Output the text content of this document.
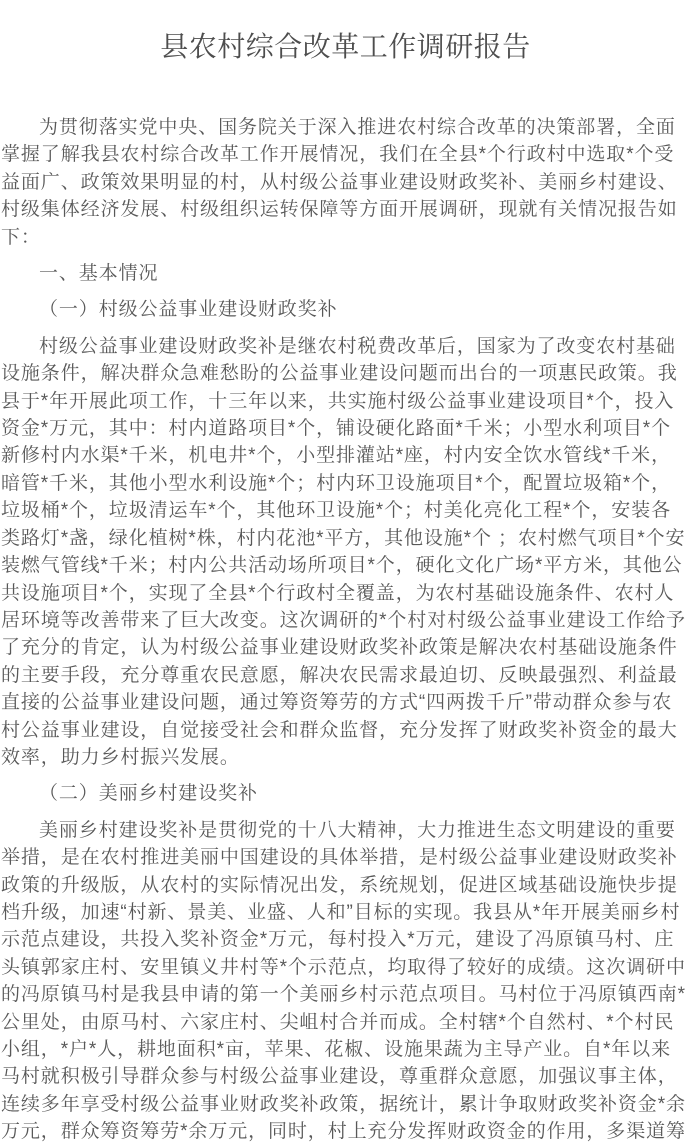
县农村综合改革工作调研报告

为贯彻落实党中央、国务院关于深入推进农村综合改革的决策部署，全面掌握了解我县农村综合改革工作开展情况，我们在全县*个行政村中选取*个受益面广、政策效果明显的村，从村级公益事业建设财政奖补、美丽乡村建设、村级集体经济发展、村级组织运转保障等方面开展调研，现就有关情况报告如下：

一、基本情况
（一）村级公益事业建设财政奖补

村级公益事业建设财政奖补是继农村税费改革后，国家为了改变农村基础设施条件，解决群众急难愁盼的公益事业建设问题而出台的一项惠民政策。我县于*年开展此项工作，十三年以来，共实施村级公益事业建设项目*个，投入资金*万元，其中：村内道路项目*个，铺设硬化路面*千米；小型水利项目*个新修村内水渠*千米，机电井*个，小型排灌站*座，村内安全饮水管线*千米，暗管*千米，其他小型水利设施*个；村内环卫设施项目*个，配置垃圾箱*个，垃圾桶*个，垃圾清运车*个，其他环卫设施*个；村美化亮化工程*个，安装各类路灯*盏，绿化植树*株，村内花池*平方，其他设施*个 ；农村燃气项目*个安装燃气管线*千米；村内公共活动场所项目*个，硬化文化广场*平方米，其他公共设施项目*个，实现了全县*个行政村全覆盖，为农村基础设施条件、农村人居环境等改善带来了巨大改变。这次调研的*个村对村级公益事业建设工作给予了充分的肯定，认为村级公益事业建设财政奖补政策是解决农村基础设施条件的主要手段，充分尊重农民意愿，解决农民需求最迫切、反映最强烈、利益最直接的公益事业建设问题，通过筹资筹劳的方式“四两拨千斤”带动群众参与农村公益事业建设，自觉接受社会和群众监督，充分发挥了财政奖补资金的最大效率，助力乡村振兴发展。

（二）美丽乡村建设奖补

美丽乡村建设奖补是贯彻党的十八大精神，大力推进生态文明建设的重要举措，是在农村推进美丽中国建设的具体举措，是村级公益事业建设财政奖补政策的升级版，从农村的实际情况出发，系统规划，促进区域基础设施快步提档升级，加速“村新、景美、业盛、人和”目标的实现。我县从*年开展美丽乡村示范点建设，共投入奖补资金*万元，每村投入*万元，建设了冯原镇马村、庄头镇郭家庄村、安里镇义井村等*个示范点，均取得了较好的成绩。这次调研中的冯原镇马村是我县申请的第一个美丽乡村示范点项目。马村位于冯原镇西南*公里处，由原马村、六家庄村、尖岨村合并而成。全村辖*个自然村、*个村民小组，*户*人，耕地面积*亩，苹果、花椒、设施果蔬为主导产业。自*年以来马村就积极引导群众参与村级公益事业建设，尊重群众意愿，加强议事主体，连续多年享受村级公益事业财政奖补政策，据统计，累计争取财政奖补资金*余万元，群众筹资筹劳*余万元，同时，村上充分发挥财政资金的作用，多渠道筹
